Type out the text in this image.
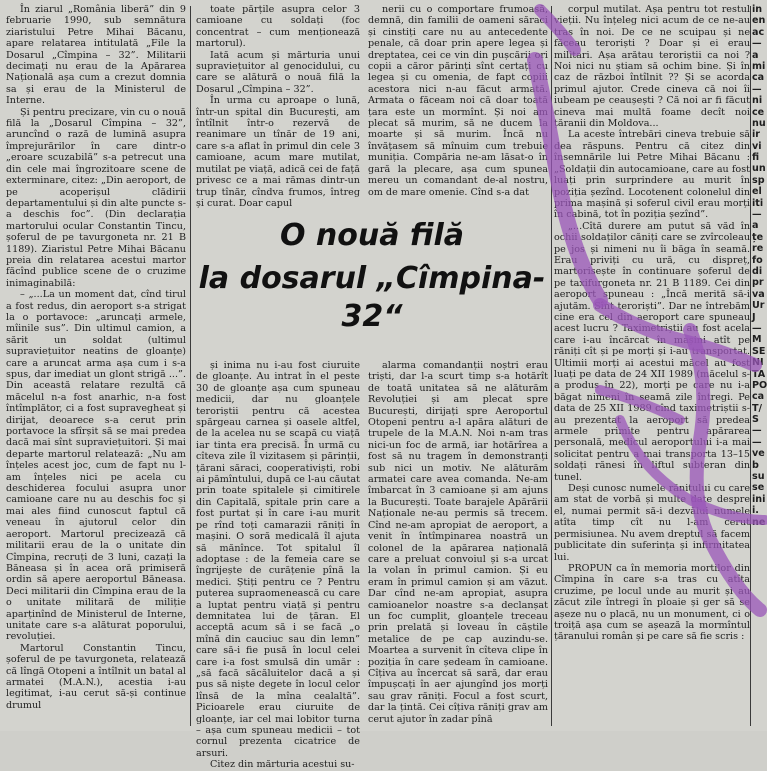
În ziarul „România liberă” din 9 februarie 1990, sub semnătura ziaristului Petre Mihai Băcanu, apare relatarea intitulată „File la Dosarul „Cîmpina – 32”. Militarii decimați nu erau de la Apărarea Națională așa cum a crezut domnia sa și erau de la Ministerul de Interne.

Și pentru precizare, vin cu o nouă filă la „Dosarul Cîmpina – 32”, aruncînd o rază de lumină asupra împrejurărilor în care dintr-o „eroare scuzabilă” s-a petrecut una din cele mai îngrozitoare scene de exterminare, citez: „Din aeroport, de pe acoperișul clădirii departamentului și din alte puncte s-a deschis foc”. (Din declarația martorului ocular Constantin Tincu, șoferul de pe tavurgoneta nr. 21 B 1189). Ziaristul Petre Mihai Băcanu preia din relatarea acestui martor făcînd publice scene de o cruzime inimaginabilă:

– „...La un moment dat, cînd tirul a fost redus, din aeroport s-a strigat la o portavoce: „aruncați armele, mîinile sus”. Din ultimul camion, a sărit un soldat (ultimul supraviețuitor neatins de gloanțe) care a aruncat arma așa cum i s-a spus, dar imediat un glont strigă ...”. Din această relatare rezultă că măcelul n-a fost anarhic, n-a fost întîmplător, ci a fost supravegheat și dirijat, deoarece s-a cerut prin portavoce la sfîrșit să se mai predea dacă mai sînt supraviețuitori. Și mai departe martorul relatează: „Nu am înțeles acest joc, cum de fapt nu l-am înțeles nici pe acela cu deschiderea focului asupra unor camioane care nu au deschis foc și mai ales fiind cunoscut faptul că veneau în ajutorul celor din aeroport. Martorul precizează că militarii erau de la o unitate din Cîmpina, recruți de 3 luni, cazați la Băneasa și în acea oră primiseră ordin să apere aeroportul Băneasa. Deci militarii din Cîmpina erau de la o unitate militară de miliție aparținînd de Ministerul de Interne, unitate care s-a alăturat poporului, revoluției.

Martorul Constantin Tincu, șoferul de pe tavurgoneta, relatează că lîngă Otopeni a întîlnit un batal al armatei (M.A.N.), acestia i-au legitimat, i-au cerut să-și continue drumul

toate părțile asupra celor 3 camioane cu soldați (foc concentrat – cum menționează martorul).

Iată acum și mărturia unui supraviețuitor al genocidului, cu care se alătură o nouă filă la Dosarul „Cîmpina – 32”.

În urma cu aproape o lună, într-un spital din București, am întîlnit într-o rezervă de reanimare un tînăr de 19 ani, care s-a aflat în primul din cele 3 camioane, acum mare mutilat, mutilat pe viață, adică cei de față privesc ce a mai rămas dintr-un trup tînăr, cîndva frumos, întreg și curat. Doar capul

nerii cu o comportare frumoasă, demnă, din familii de oameni săraci și cinstiți care nu au antecedente penale, că doar prin apere legea și dreptatea, cei ce vin din pușcării ori copii a căror părinți sînt certați cu legea și cu omenia, de fapt copiii acestora nici n-au făcut armată. Armata o făceam noi că doar toată țara este un mormînt. Și noi am plecat să murim, să ne ducem la moarte și să murim. Încă nu învățasem să mînuim cum trebuie muniția. Compăria ne-am lăsat-o în gară la plecare, așa cum spunea mereu un comandant de-al nostru, om de mare omenie. Cînd s-a dat

O nouă filă
la dosarul „Cîmpina-32“

și inima nu i-au fost ciuruite de gloanțe. Au intrat în el peste 30 de gloanțe așa cum spuneau medicii, dar nu gloanțele teroriștii pentru că acestea spărgeau carnea și oasele altfel, de la acelea nu se scapă cu viață iar tinta era precisă. În urmă cu cîteva zile îl vizitasem și părinții, țărani săraci, cooperativiști, robi ai pămîntului, după ce l-au căutat prin toate spitalele și cimitirele din Capitală, spitale prin care a fost purtat și în care i-au murit pe rînd toți camarazii răniți în mașini. O soră medicală îl ajuta să mănînce. Tot spitalul îl adoptase : de la femeia care se îngrijește de curățenie pînă la medici. Știți pentru ce ? Pentru puterea supraomenească cu care a luptat pentru viață și pentru demnitatea lui de țăran. El acceptă acum să i se facă „o mînă din cauciuc sau din lemn” care să-i fie pusă în locul celei care i-a fost smulsă din umăr : „să facă săcăluitelor dacă a și pus să niște degete în locul celor lînsă de la mîna cealaltă”. Picioarele erau ciuruite de gloanțe, iar cel mai lobitor turna – așa cum spuneau medicii – tot cornul prezenta cicatrice de arsuri.

Citez din mărturia acestui su-

alarma comandanții noștri erau triști, dar l-a scurt timp s-a hotărît de toată unitatea să ne alăturăm Revoluției și am plecat spre București, dirijați spre Aeroportul Otopeni pentru a-l apăra alături de trupele de la M.A.N. Noi n-am tras nici-un foc de armă, iar hotărîrea a fost să nu tragem în demonstranți sub nici un motiv. Ne alăturăm armatei care avea comanda. Ne-am îmbarcat în 3 camioane și am ajuns la București. Toate barajele Apărării Naționale ne-au permis să trecem. Cînd ne-am apropiat de aeroport, a venit în întîmpinarea noastră un colonel de la apărarea națională care a preluat convoiul și s-a urcat la volan în primul camion. Și eu eram în primul camion și am văzut. Dar cînd ne-am apropiat, asupra camioanelor noastre s-a declanșat un foc cumplit, gloanțele treceau prin prelată și loveau în căștile metalice de pe cap auzindu-se. Moartea a survenit în cîteva clipe în poziția în care ședeam în camioane. Cîțiva au încercat să sară, dar erau împușcați în aer ajungînd jos morți sau grav răniți. Focul a fost scurt, dar la țintă. Cei cîțiva răniți grav am cerut ajutor în zadar pînă

corpul mutilat. Așa pentru tot restul vieții. Nu înțeleg nici acum de ce ne-au tras în noi. De ce ne scuipau și ne făceau teroriști ? Doar și ei erau militari. Așa arătau teroriștii ca noi ? Noi nici nu știam să ochim bine. Și în caz de război întîlnit ?? Și se acorda primul ajutor. Crede cineva că noi îi iubeam pe ceaușești ? Că noi ar fi făcut cineva mai multă foame decît noi țăranii din Moldova...

La aceste întrebări cineva trebuie să dea răspuns. Pentru că citez din însemnările lui Petre Mihai Băcanu : „Soldații din autocamioane, care au fost luați prin surprindere au murit în poziția șezînd. Locotenent colonelul din prima mașină și soferul civil erau morți în cabină, tot în poziția șezînd”.

„...Cîtă durere am putut să văd în ochii soldaților căniți care se zvîrcoleau pe jos și nimeni nu îi băga în seamă. Erau priviți cu ură, cu dispreț, martorisește în continuare șoferul de pe taxifurgoneta nr. 21 B 1189. Cei din aeroport spuneau : „Încă merită să-i ajutăm. Sînt teroriști”. Dar ne întrebăm cine era cel din aeroport care spuneau acest lucru ? Taximetriștii au fost acela care i-au încărcat în mașini atît pe răniți cît și pe morți și i-au transportat. Ultimii morți ai acestui măcel au fost luați pe data de 24 XII 1989 (măcelul s-a produs în 22), morți pe care nu i-a băgat nimeni în seamă zile întregi. Pe data de 25 XII 1989 cînd taximetriștii s-au prezentat la aeroport să predea armele primite pentru apărarea personală, medicul aeroportului i-a mai solicitat pentru a mai transporta 13–15 soldați rănesi în liftul subteran din tunel.

Deși cunosc numele rănitului cu care am stat de vorbă și multe date despre el, numai permit să-i dezvălui numele atîta timp cît nu l-am cerut permisiunea. Nu avem dreptul să facem publicitate din suferința și infirmitatea lui.

PROPUN ca în memoria mortilor din Cîmpina în care s-a tras cu atîta cruzime, pe locul unde au murit și au zăcut zile întregi în ploaie și ger să se așeze nu o placă, nu un monument, ci o troiță așa cum se așează la mormîntul țăranului român și pe care să fie scris :

in
en
ac
—
a
mi
ca
—
ni
ce
nu
ir
vi
fi
un
sp
el
iti
—
a
țe
re
fo
di
pr
va
Ur
J
—
M
SE
NI
TA
PO
ca
T/
S
—
—
ve
b
su
se
ini
i.
ne
